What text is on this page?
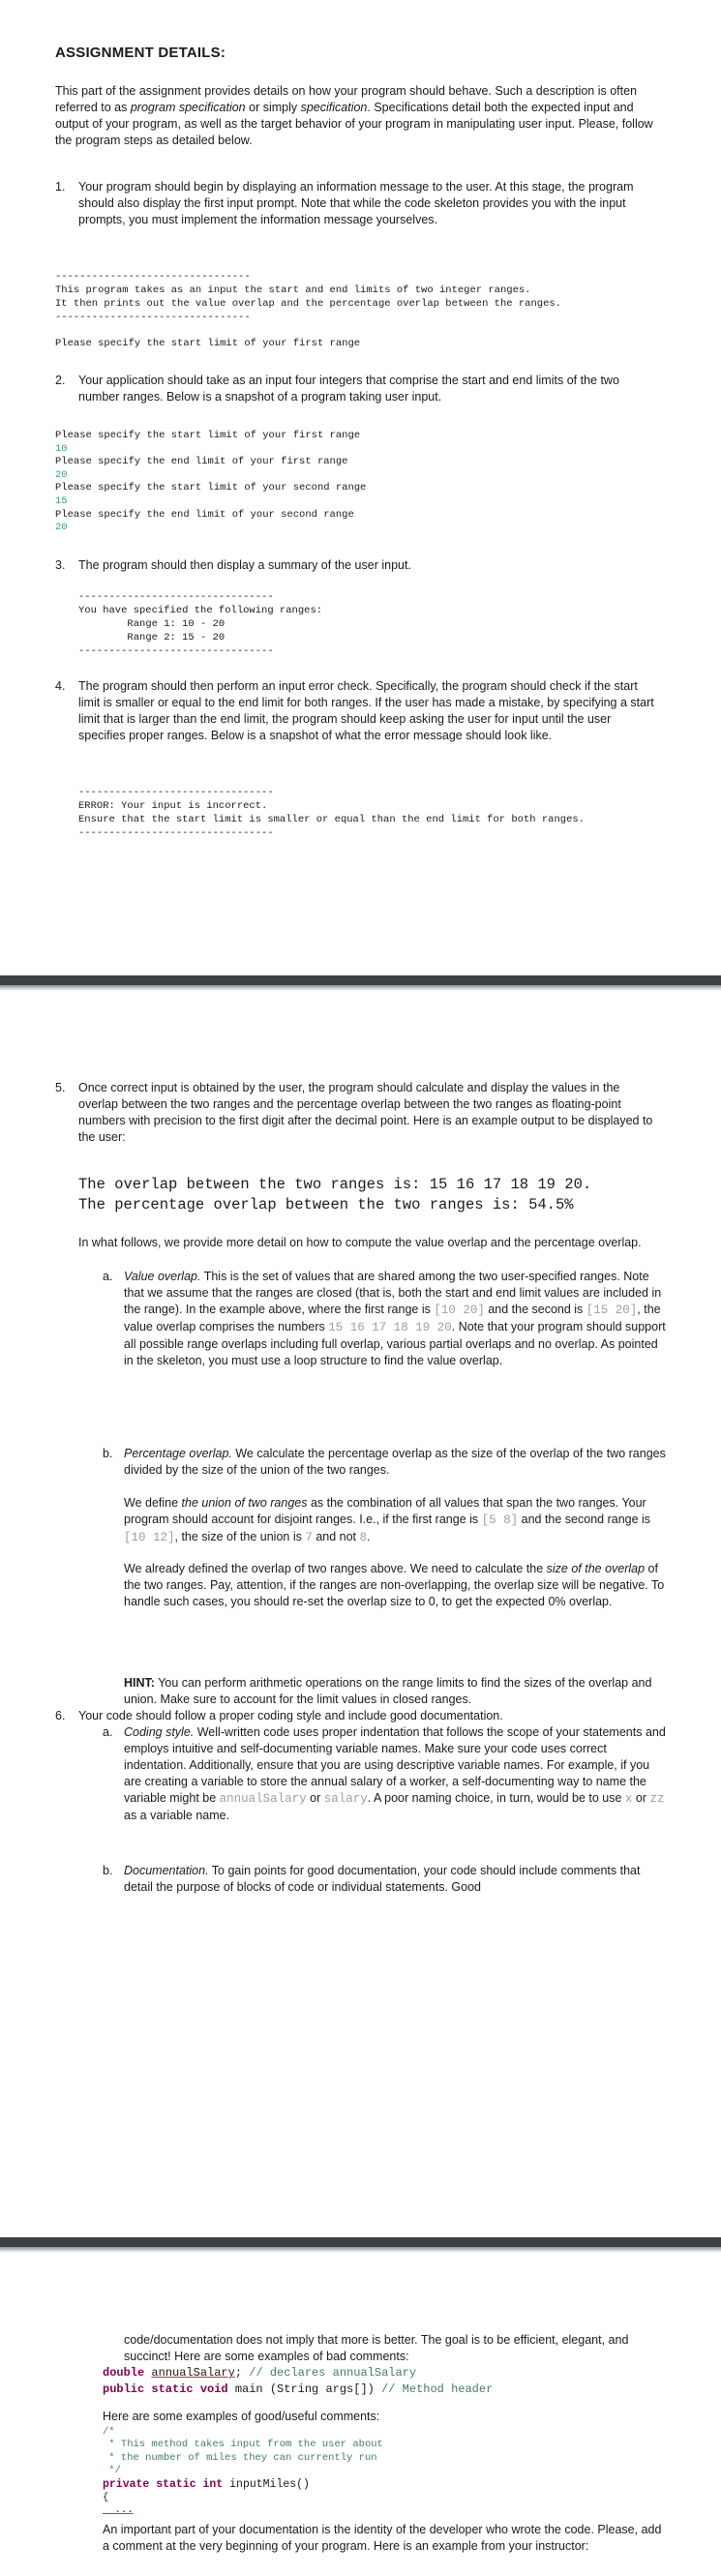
ASSIGNMENT DETAILS:

This part of the assignment provides details on how your program should behave. Such a description is often referred to as program specification or simply specification. Specifications detail both the expected input and output of your program, as well as the target behavior of your program in manipulating user input. Please, follow the program steps as detailed below.

1. Your program should begin by displaying an information message to the user. At this stage, the program should also display the first input prompt. Note that while the code skeleton provides you with the input prompts, you must implement the information message yourselves.

--------------------------------
This program takes as an input the start and end limits of two integer ranges.
It then prints out the value overlap and the percentage overlap between the ranges.
--------------------------------
Please specify the start limit of your first range
2. Your application should take as an input four integers that comprise the start and end limits of the two number ranges. Below is a snapshot of a program taking user input.

Please specify the start limit of your first range
10
Please specify the end limit of your first range
20
Please specify the start limit of your second range
15
Please specify the end limit of your second range
20
3. The program should then display a summary of the user input.

--------------------------------
You have specified the following ranges:
Range 1: 10 - 20
Range 2: 15 - 20
--------------------------------
4. The program should then perform an input error check. Specifically, the program should check if the start limit is smaller or equal to the end limit for both ranges. If the user has made a mistake, by specifying a start limit that is larger than the end limit, the program should keep asking the user for input until the user specifies proper ranges. Below is a snapshot of what the error message should look like.

--------------------------------
ERROR: Your input is incorrect.
Ensure that the start limit is smaller or equal than the end limit for both ranges.
--------------------------------
5. Once correct input is obtained by the user, the program should calculate and display the values in the overlap between the two ranges and the percentage overlap between the two ranges as floating-point numbers with precision to the first digit after the decimal point. Here is an example output to be displayed to the user:

The overlap between the two ranges is: 15 16 17 18 19 20.
The percentage overlap between the two ranges is: 54.5%

In what follows, we provide more detail on how to compute the value overlap and the percentage overlap.

a. Value overlap. This is the set of values that are shared among the two user-specified ranges. Note that we assume that the ranges are closed (that is, both the start and end limit values are included in the range). In the example above, where the first range is [10 20] and the second is [15 20], the value overlap comprises the numbers 15 16 17 18 19 20. Note that your program should support all possible range overlaps including full overlap, various partial overlaps and no overlap. As pointed in the skeleton, you must use a loop structure to find the value overlap.

b. Percentage overlap. We calculate the percentage overlap as the size of the overlap of the two ranges divided by the size of the union of the two ranges.

We define the union of two ranges as the combination of all values that span the two ranges. Your program should account for disjoint ranges. I.e., if the first range is [5 8] and the second range is [10 12], the size of the union is 7 and not 8.

We already defined the overlap of two ranges above. We need to calculate the size of the overlap of the two ranges. Pay, attention, if the ranges are non-overlapping, the overlap size will be negative. To handle such cases, you should re-set the overlap size to 0, to get the expected 0% overlap.

HINT: You can perform arithmetic operations on the range limits to find the sizes of the overlap and union. Make sure to account for the limit values in closed ranges.

6. Your code should follow a proper coding style and include good documentation.

a. Coding style. Well-written code uses proper indentation that follows the scope of your statements and employs intuitive and self-documenting variable names. Make sure your code uses correct indentation. Additionally, ensure that you are using descriptive variable names. For example, if you are creating a variable to store the annual salary of a worker, a self-documenting way to name the variable might be annualSalary or salary. A poor naming choice, in turn, would be to use x or zz as a variable name.

b. Documentation. To gain points for good documentation, your code should include comments that detail the purpose of blocks of code or individual statements. Good

code/documentation does not imply that more is better. The goal is to be efficient, elegant, and succinct! Here are some examples of bad comments:

double annualSalary; // declares annualSalary
public static void main (String args[]) // Method header

Here are some examples of good/useful comments:

/*
* This method takes input from the user about
* the number of miles they can currently run
*/
private static int inputMiles()
{
...

An important part of your documentation is the identity of the developer who wrote the code. Please, add a comment at the very beginning of your program. Here is an example from your instructor:
